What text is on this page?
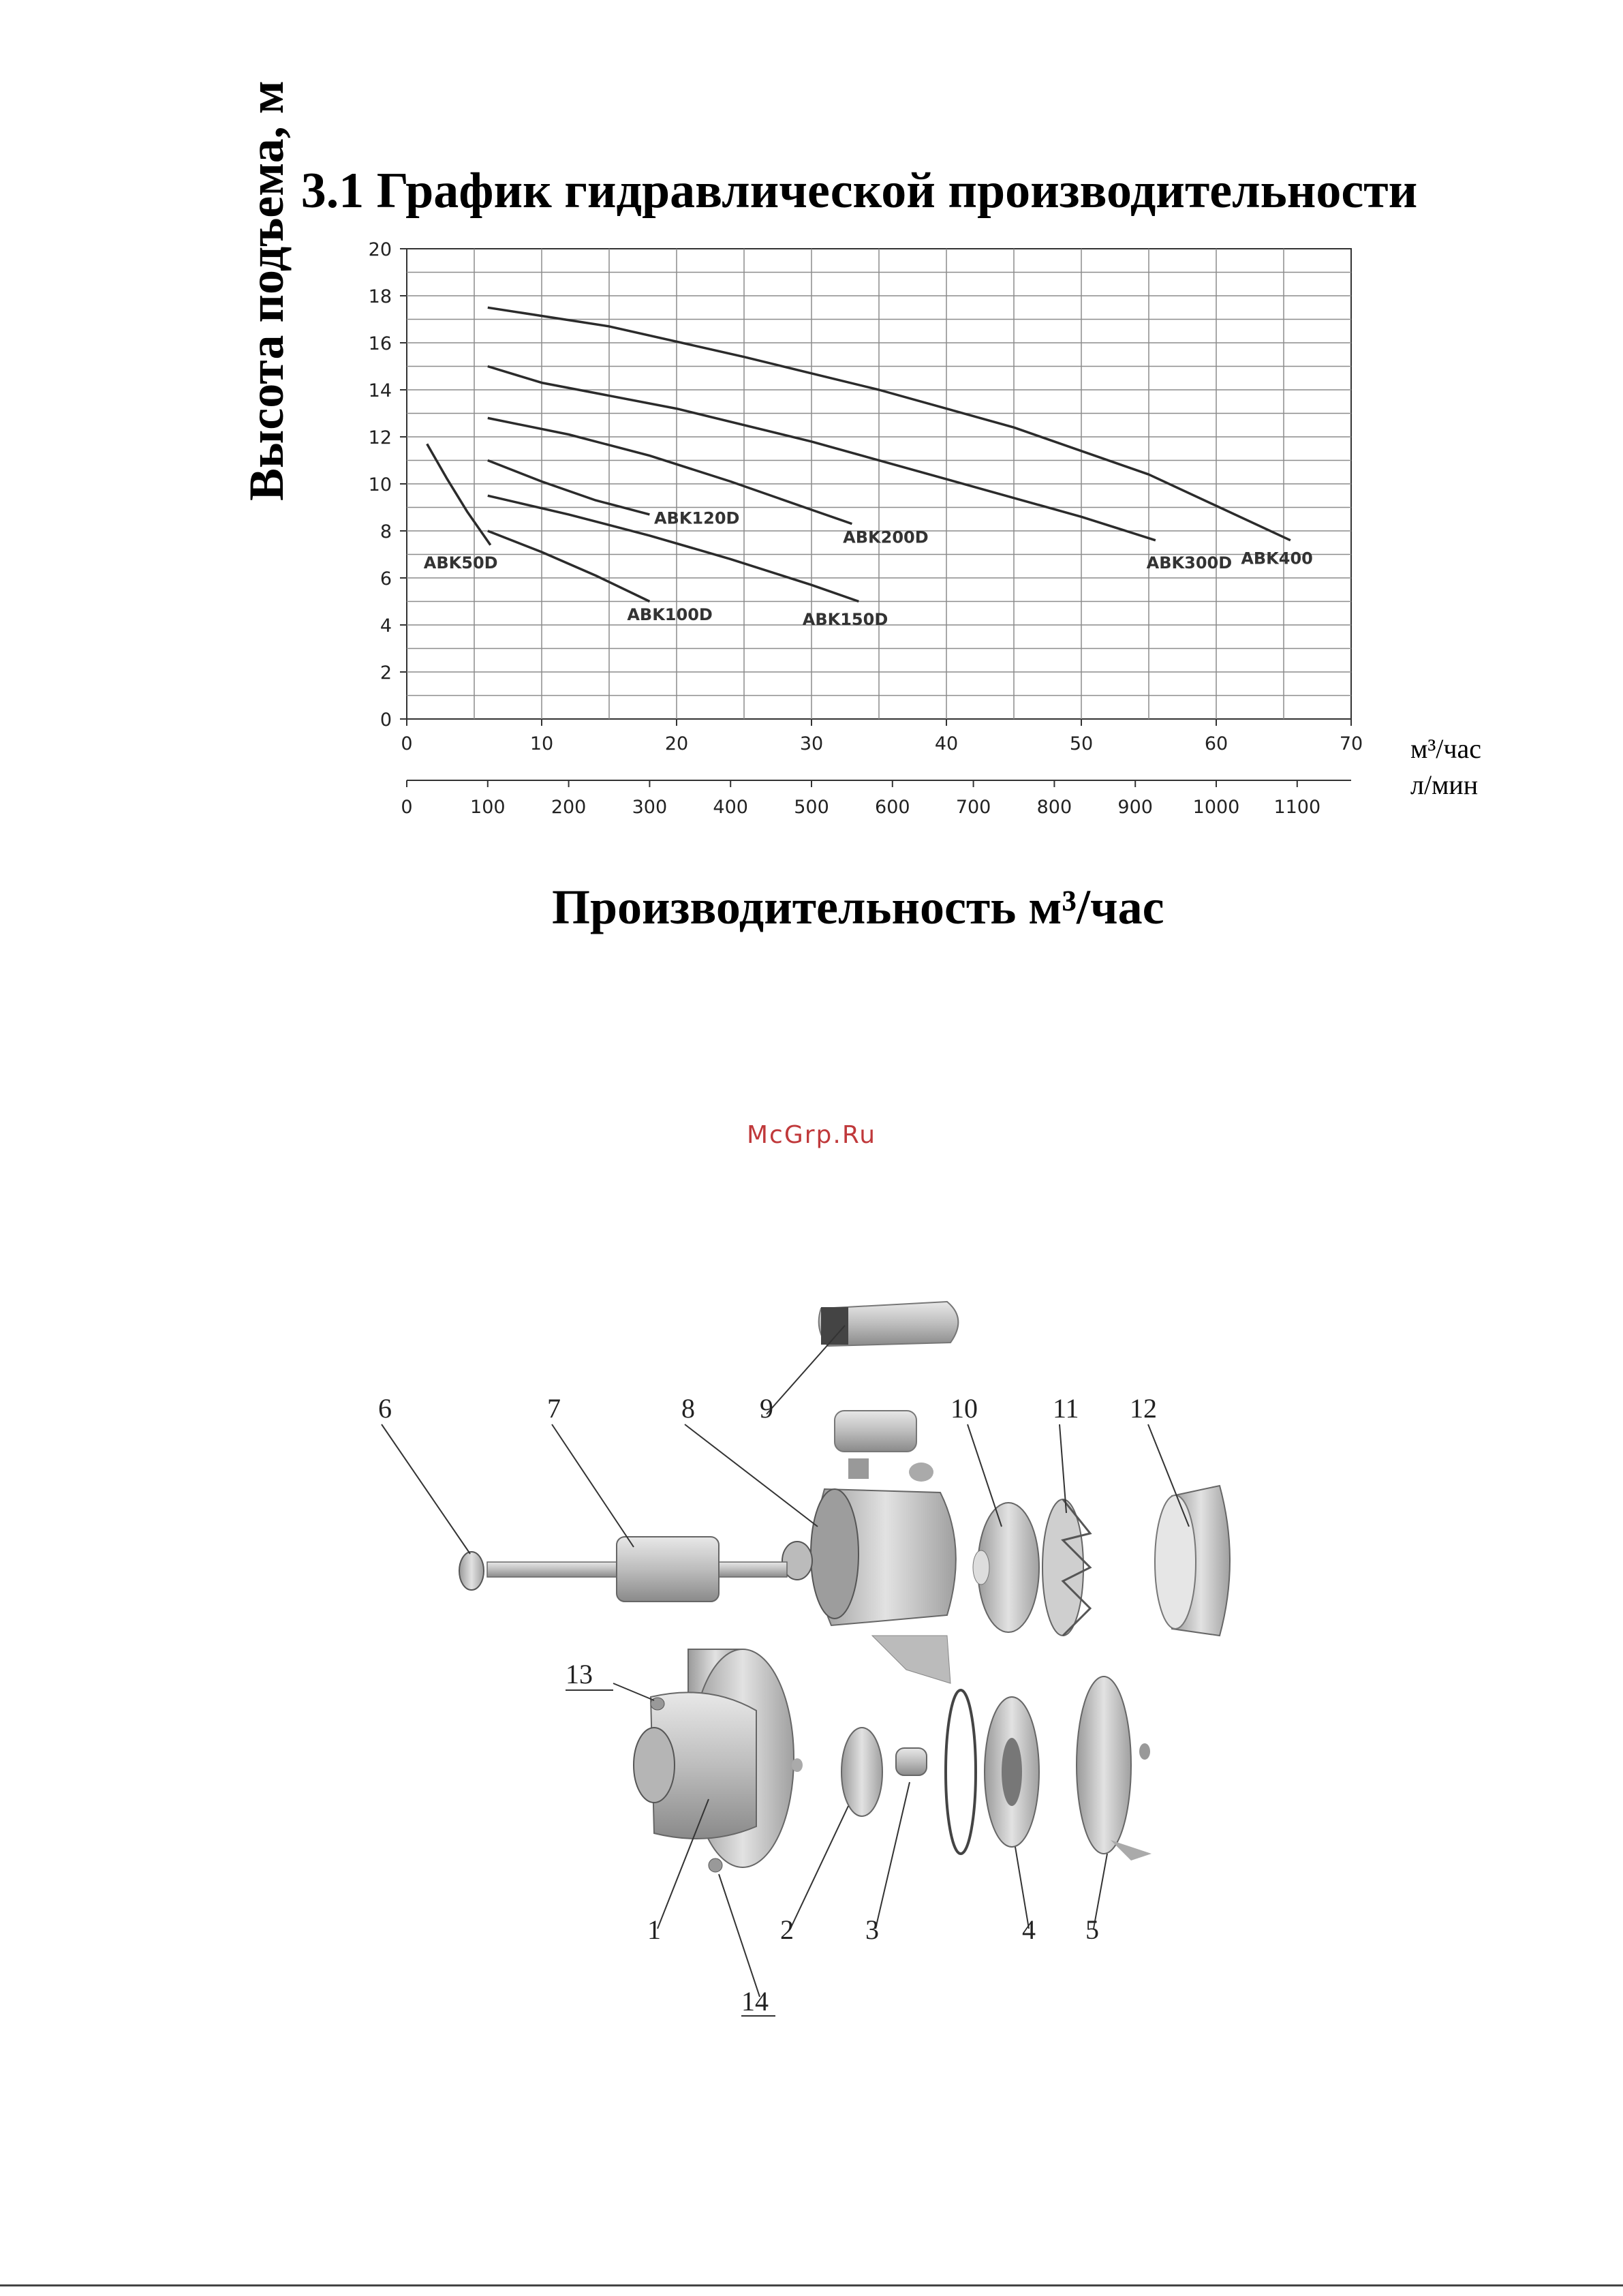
3.1 График гидравлической производительности
0
2
4
6
8
10
12
14
16
18
20
0	10	20	30	40	50	60	70
0	100 200 300 400 500 600 700 800 900 1000 1100
ABK50D
ABK100D
ABK120D
ABK150D
ABK200D
ABK300D ABK400
Высота подъема, м
Производительность м³/час
м³/час
л/мин
McGrp.Ru
6	7	8 9	10	11 12
13
1	2	3	4 5
14
